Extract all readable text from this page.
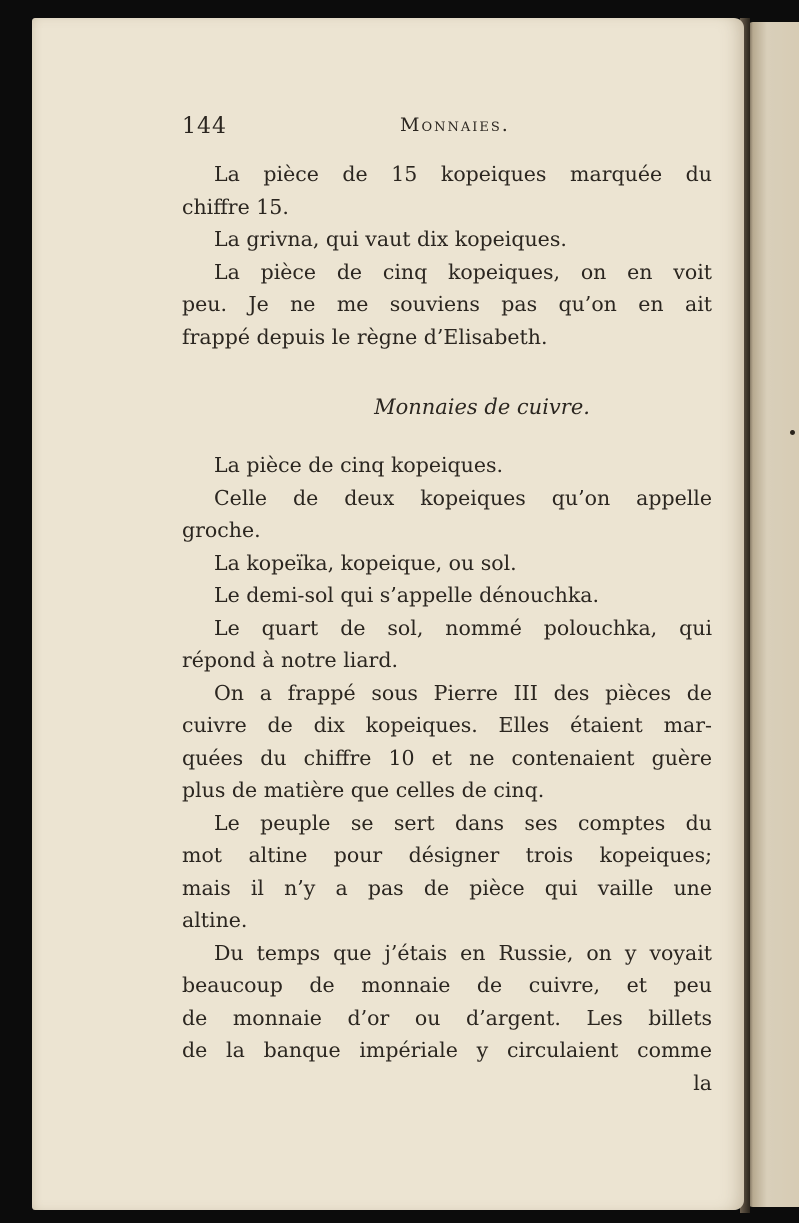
144	Monnaies.
La pièce de 15 kopeiques marquée du
chiffre 15.
La grivna, qui vaut dix kopeiques.
La pièce de cinq kopeiques, on en voit
peu. Je ne me souviens pas qu’on en ait
frappé depuis le règne d’Elisabeth.
Monnaies de cuivre.
La pièce de cinq kopeiques.
Celle de deux kopeiques qu’on appelle
groche.
La kopeïka, kopeique, ou sol.
Le demi-sol qui s’appelle dénouchka.
Le quart de sol, nommé polouchka, qui
répond à notre liard.
On a frappé sous Pierre III des pièces de
cuivre de dix kopeiques. Elles étaient mar-
quées du chiffre 10 et ne contenaient guère
plus de matière que celles de cinq.
Le peuple se sert dans ses comptes du
mot altine pour désigner trois kopeiques;
mais il n’y a pas de pièce qui vaille une
altine.
Du temps que j’étais en Russie, on y voyait
beaucoup de monnaie de cuivre, et peu
de monnaie d’or ou d’argent. Les billets
de la banque impériale y circulaient comme
la
